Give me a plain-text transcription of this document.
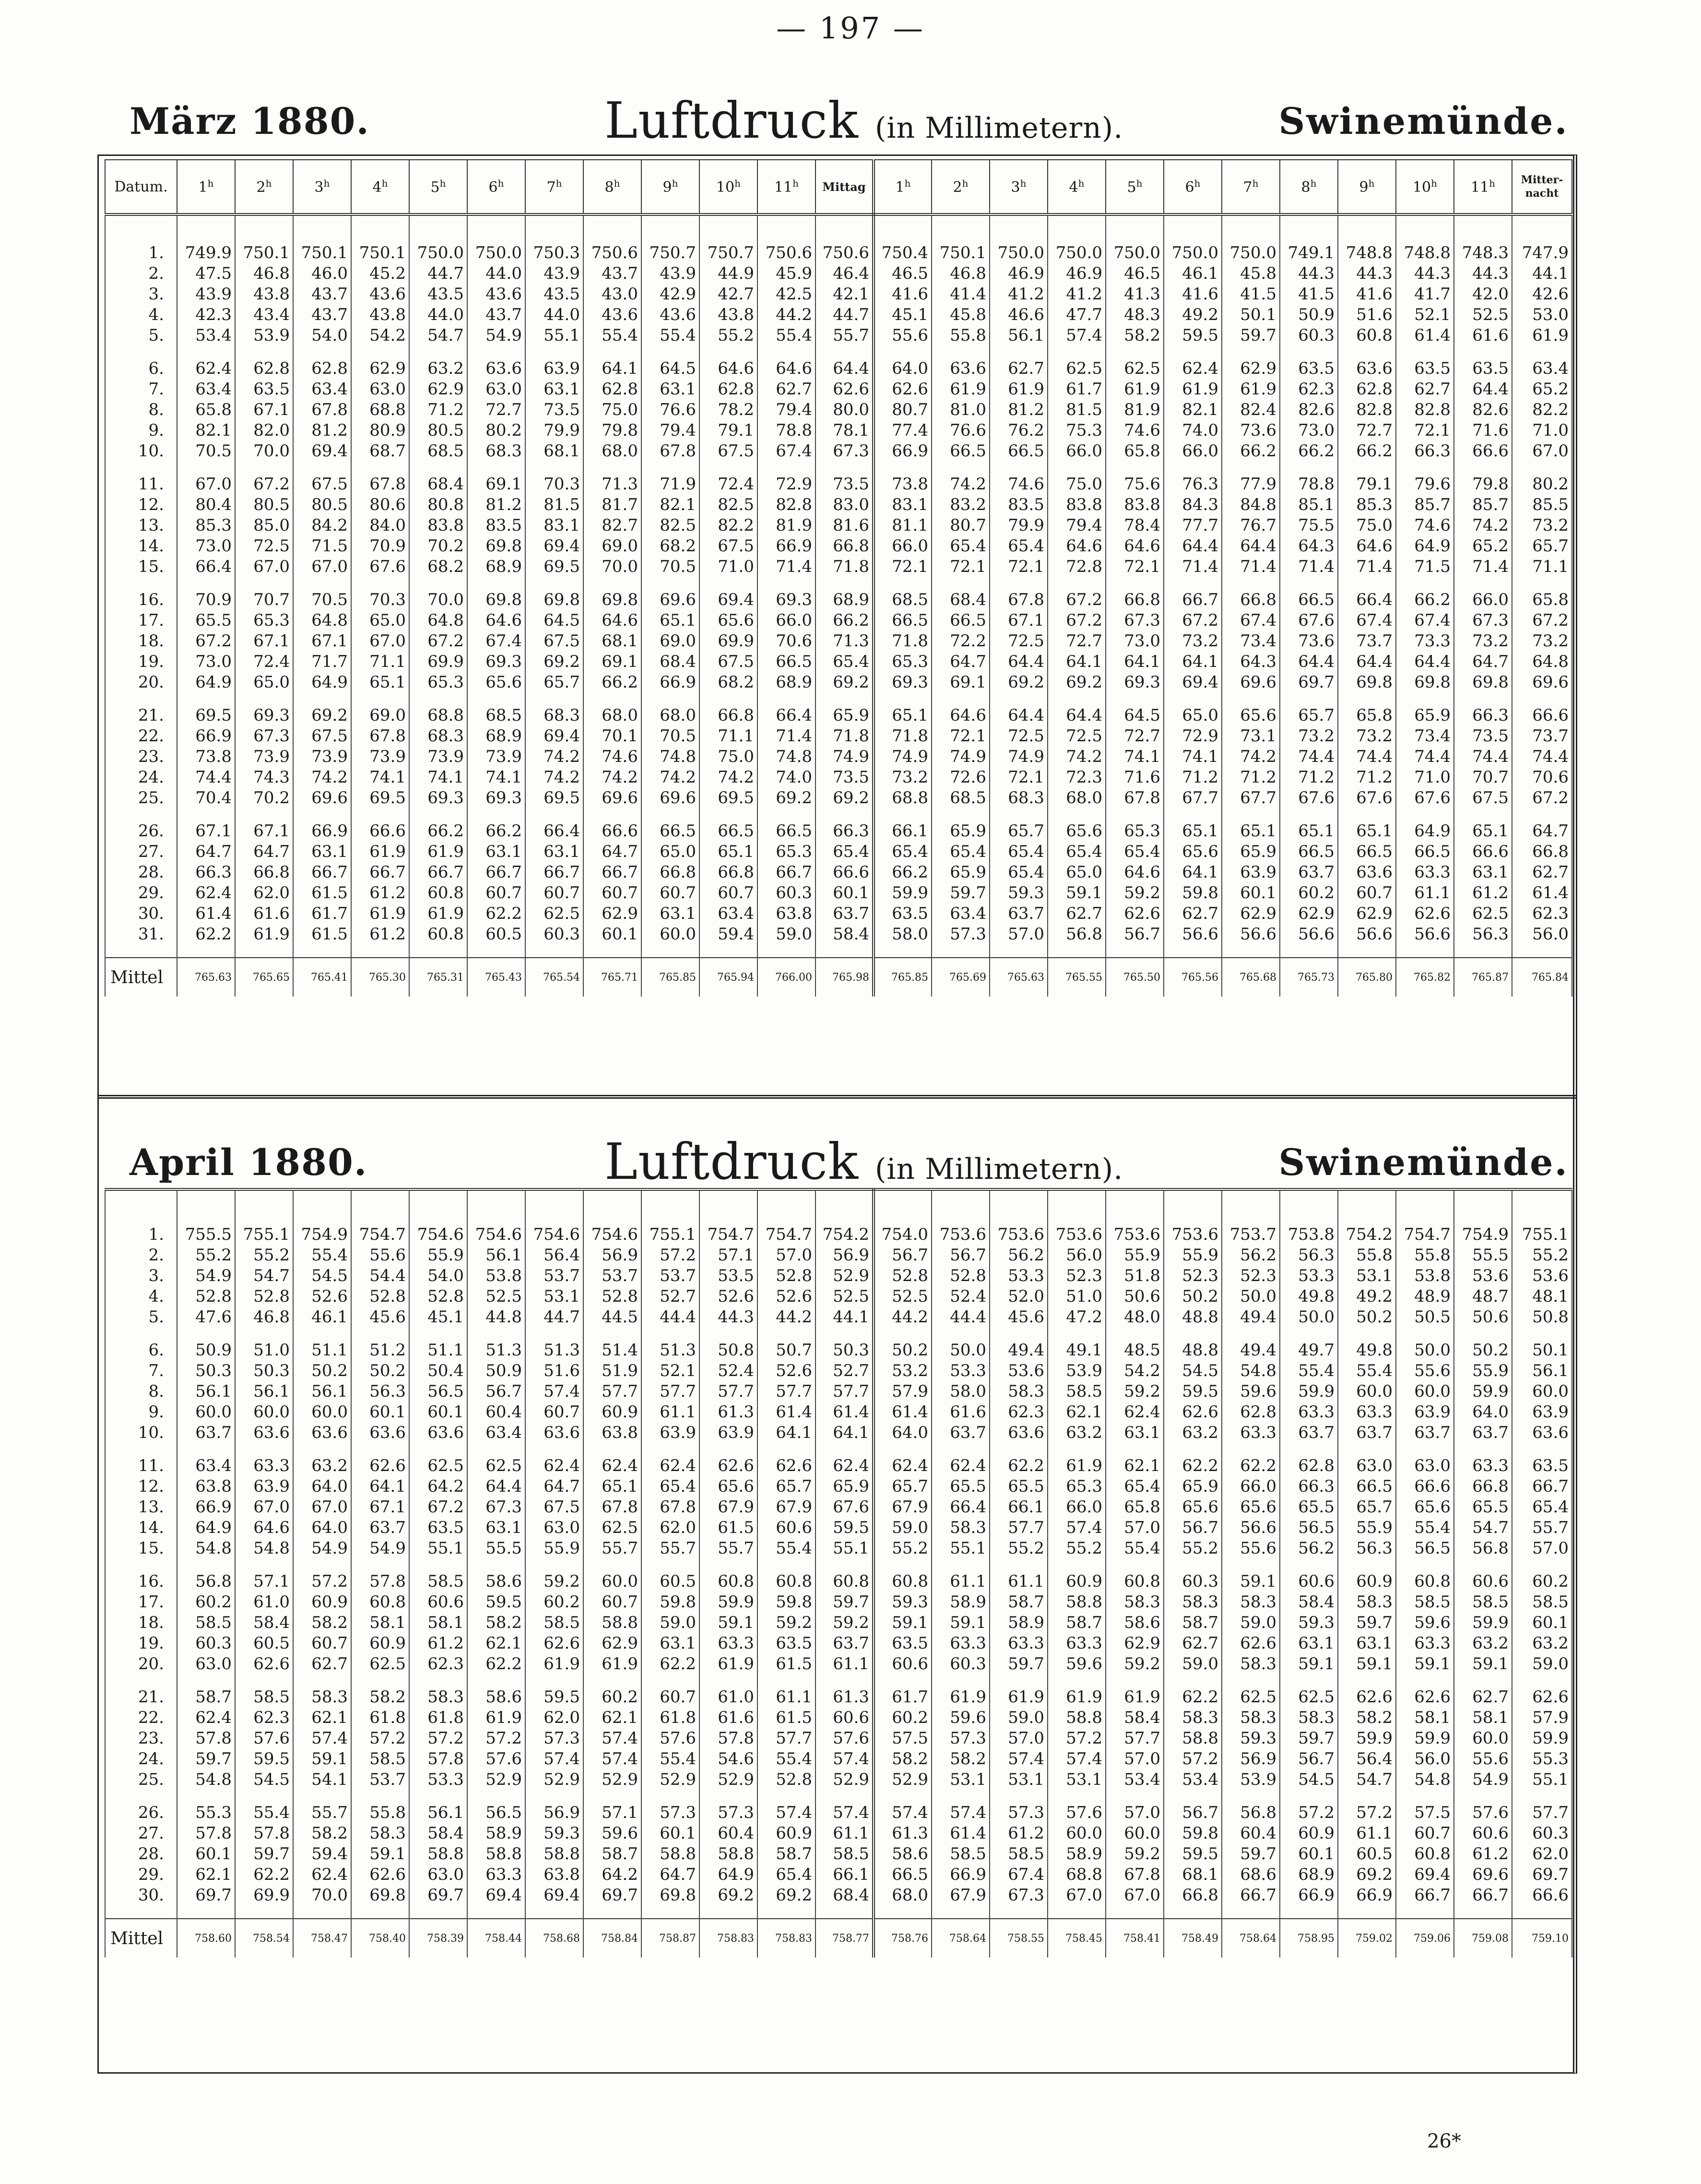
— 197 —
März 1880.	Luftdruck (in Millimetern).	Swinemünde.
Datum.	1$^h$	2$^h$	3$^h$	4$^h$	5$^h$	6$^h$	7$^h$	8$^h$	9$^h$	10$^h$	11$^h$	Mittag	1$^h$	2$^h$	3$^h$	4$^h$	5$^h$	6$^h$	7$^h$	8$^h$	9$^h$	10$^h$	11$^h$	Mitter-
nacht

1.	749.9	750.1	750.1	750.1	750.0	750.0	750.3	750.6	750.7	750.7	750.6	750.6	750.4	750.1	750.0	750.0	750.0	750.0	750.0	749.1	748.8	748.8	748.3	747.9
2.	47.5	46.8	46.0	45.2	44.7	44.0	43.9	43.7	43.9	44.9	45.9	46.4	46.5	46.8	46.9	46.9	46.5	46.1	45.8	44.3	44.3	44.3	44.3	44.1
3.	43.9	43.8	43.7	43.6	43.5	43.6	43.5	43.0	42.9	42.7	42.5	42.1	41.6	41.4	41.2	41.2	41.3	41.6	41.5	41.5	41.6	41.7	42.0	42.6
4.	42.3	43.4	43.7	43.8	44.0	43.7	44.0	43.6	43.6	43.8	44.2	44.7	45.1	45.8	46.6	47.7	48.3	49.2	50.1	50.9	51.6	52.1	52.5	53.0
5.	53.4	53.9	54.0	54.2	54.7	54.9	55.1	55.4	55.4	55.2	55.4	55.7	55.6	55.8	56.1	57.4	58.2	59.5	59.7	60.3	60.8	61.4	61.6	61.9

6.	62.4	62.8	62.8	62.9	63.2	63.6	63.9	64.1	64.5	64.6	64.6	64.4	64.0	63.6	62.7	62.5	62.5	62.4	62.9	63.5	63.6	63.5	63.5	63.4
7.	63.4	63.5	63.4	63.0	62.9	63.0	63.1	62.8	63.1	62.8	62.7	62.6	62.6	61.9	61.9	61.7	61.9	61.9	61.9	62.3	62.8	62.7	64.4	65.2
8.	65.8	67.1	67.8	68.8	71.2	72.7	73.5	75.0	76.6	78.2	79.4	80.0	80.7	81.0	81.2	81.5	81.9	82.1	82.4	82.6	82.8	82.8	82.6	82.2
9.	82.1	82.0	81.2	80.9	80.5	80.2	79.9	79.8	79.4	79.1	78.8	78.1	77.4	76.6	76.2	75.3	74.6	74.0	73.6	73.0	72.7	72.1	71.6	71.0
10.	70.5	70.0	69.4	68.7	68.5	68.3	68.1	68.0	67.8	67.5	67.4	67.3	66.9	66.5	66.5	66.0	65.8	66.0	66.2	66.2	66.2	66.3	66.6	67.0

11.	67.0	67.2	67.5	67.8	68.4	69.1	70.3	71.3	71.9	72.4	72.9	73.5	73.8	74.2	74.6	75.0	75.6	76.3	77.9	78.8	79.1	79.6	79.8	80.2
12.	80.4	80.5	80.5	80.6	80.8	81.2	81.5	81.7	82.1	82.5	82.8	83.0	83.1	83.2	83.5	83.8	83.8	84.3	84.8	85.1	85.3	85.7	85.7	85.5
13.	85.3	85.0	84.2	84.0	83.8	83.5	83.1	82.7	82.5	82.2	81.9	81.6	81.1	80.7	79.9	79.4	78.4	77.7	76.7	75.5	75.0	74.6	74.2	73.2
14.	73.0	72.5	71.5	70.9	70.2	69.8	69.4	69.0	68.2	67.5	66.9	66.8	66.0	65.4	65.4	64.6	64.6	64.4	64.4	64.3	64.6	64.9	65.2	65.7
15.	66.4	67.0	67.0	67.6	68.2	68.9	69.5	70.0	70.5	71.0	71.4	71.8	72.1	72.1	72.1	72.8	72.1	71.4	71.4	71.4	71.4	71.5	71.4	71.1

16.	70.9	70.7	70.5	70.3	70.0	69.8	69.8	69.8	69.6	69.4	69.3	68.9	68.5	68.4	67.8	67.2	66.8	66.7	66.8	66.5	66.4	66.2	66.0	65.8
17.	65.5	65.3	64.8	65.0	64.8	64.6	64.5	64.6	65.1	65.6	66.0	66.2	66.5	66.5	67.1	67.2	67.3	67.2	67.4	67.6	67.4	67.4	67.3	67.2
18.	67.2	67.1	67.1	67.0	67.2	67.4	67.5	68.1	69.0	69.9	70.6	71.3	71.8	72.2	72.5	72.7	73.0	73.2	73.4	73.6	73.7	73.3	73.2	73.2
19.	73.0	72.4	71.7	71.1	69.9	69.3	69.2	69.1	68.4	67.5	66.5	65.4	65.3	64.7	64.4	64.1	64.1	64.1	64.3	64.4	64.4	64.4	64.7	64.8
20.	64.9	65.0	64.9	65.1	65.3	65.6	65.7	66.2	66.9	68.2	68.9	69.2	69.3	69.1	69.2	69.2	69.3	69.4	69.6	69.7	69.8	69.8	69.8	69.6

21.	69.5	69.3	69.2	69.0	68.8	68.5	68.3	68.0	68.0	66.8	66.4	65.9	65.1	64.6	64.4	64.4	64.5	65.0	65.6	65.7	65.8	65.9	66.3	66.6
22.	66.9	67.3	67.5	67.8	68.3	68.9	69.4	70.1	70.5	71.1	71.4	71.8	71.8	72.1	72.5	72.5	72.7	72.9	73.1	73.2	73.2	73.4	73.5	73.7
23.	73.8	73.9	73.9	73.9	73.9	73.9	74.2	74.6	74.8	75.0	74.8	74.9	74.9	74.9	74.9	74.2	74.1	74.1	74.2	74.4	74.4	74.4	74.4	74.4
24.	74.4	74.3	74.2	74.1	74.1	74.1	74.2	74.2	74.2	74.2	74.0	73.5	73.2	72.6	72.1	72.3	71.6	71.2	71.2	71.2	71.2	71.0	70.7	70.6
25.	70.4	70.2	69.6	69.5	69.3	69.3	69.5	69.6	69.6	69.5	69.2	69.2	68.8	68.5	68.3	68.0	67.8	67.7	67.7	67.6	67.6	67.6	67.5	67.2

26.	67.1	67.1	66.9	66.6	66.2	66.2	66.4	66.6	66.5	66.5	66.5	66.3	66.1	65.9	65.7	65.6	65.3	65.1	65.1	65.1	65.1	64.9	65.1	64.7
27.	64.7	64.7	63.1	61.9	61.9	63.1	63.1	64.7	65.0	65.1	65.3	65.4	65.4	65.4	65.4	65.4	65.4	65.6	65.9	66.5	66.5	66.5	66.6	66.8
28.	66.3	66.8	66.7	66.7	66.7	66.7	66.7	66.7	66.8	66.8	66.7	66.6	66.2	65.9	65.4	65.0	64.6	64.1	63.9	63.7	63.6	63.3	63.1	62.7
29.	62.4	62.0	61.5	61.2	60.8	60.7	60.7	60.7	60.7	60.7	60.3	60.1	59.9	59.7	59.3	59.1	59.2	59.8	60.1	60.2	60.7	61.1	61.2	61.4
30.	61.4	61.6	61.7	61.9	61.9	62.2	62.5	62.9	63.1	63.4	63.8	63.7	63.5	63.4	63.7	62.7	62.6	62.7	62.9	62.9	62.9	62.6	62.5	62.3
31.	62.2	61.9	61.5	61.2	60.8	60.5	60.3	60.1	60.0	59.4	59.0	58.4	58.0	57.3	57.0	56.8	56.7	56.6	56.6	56.6	56.6	56.6	56.3	56.0

Mittel	765.63	765.65	765.41	765.30	765.31	765.43	765.54	765.71	765.85	765.94	766.00	765.98	765.85	765.69	765.63	765.55	765.50	765.56	765.68	765.73	765.80	765.82	765.87	765.84
April 1880.	Luftdruck (in Millimetern).	Swinemünde.

1.	755.5	755.1	754.9	754.7	754.6	754.6	754.6	754.6	755.1	754.7	754.7	754.2	754.0	753.6	753.6	753.6	753.6	753.6	753.7	753.8	754.2	754.7	754.9	755.1
2.	55.2	55.2	55.4	55.6	55.9	56.1	56.4	56.9	57.2	57.1	57.0	56.9	56.7	56.7	56.2	56.0	55.9	55.9	56.2	56.3	55.8	55.8	55.5	55.2
3.	54.9	54.7	54.5	54.4	54.0	53.8	53.7	53.7	53.7	53.5	52.8	52.9	52.8	52.8	53.3	52.3	51.8	52.3	52.3	53.3	53.1	53.8	53.6	53.6
4.	52.8	52.8	52.6	52.8	52.8	52.5	53.1	52.8	52.7	52.6	52.6	52.5	52.5	52.4	52.0	51.0	50.6	50.2	50.0	49.8	49.2	48.9	48.7	48.1
5.	47.6	46.8	46.1	45.6	45.1	44.8	44.7	44.5	44.4	44.3	44.2	44.1	44.2	44.4	45.6	47.2	48.0	48.8	49.4	50.0	50.2	50.5	50.6	50.8

6.	50.9	51.0	51.1	51.2	51.1	51.3	51.3	51.4	51.3	50.8	50.7	50.3	50.2	50.0	49.4	49.1	48.5	48.8	49.4	49.7	49.8	50.0	50.2	50.1
7.	50.3	50.3	50.2	50.2	50.4	50.9	51.6	51.9	52.1	52.4	52.6	52.7	53.2	53.3	53.6	53.9	54.2	54.5	54.8	55.4	55.4	55.6	55.9	56.1
8.	56.1	56.1	56.1	56.3	56.5	56.7	57.4	57.7	57.7	57.7	57.7	57.7	57.9	58.0	58.3	58.5	59.2	59.5	59.6	59.9	60.0	60.0	59.9	60.0
9.	60.0	60.0	60.0	60.1	60.1	60.4	60.7	60.9	61.1	61.3	61.4	61.4	61.4	61.6	62.3	62.1	62.4	62.6	62.8	63.3	63.3	63.9	64.0	63.9
10.	63.7	63.6	63.6	63.6	63.6	63.4	63.6	63.8	63.9	63.9	64.1	64.1	64.0	63.7	63.6	63.2	63.1	63.2	63.3	63.7	63.7	63.7	63.7	63.6

11.	63.4	63.3	63.2	62.6	62.5	62.5	62.4	62.4	62.4	62.6	62.6	62.4	62.4	62.4	62.2	61.9	62.1	62.2	62.2	62.8	63.0	63.0	63.3	63.5
12.	63.8	63.9	64.0	64.1	64.2	64.4	64.7	65.1	65.4	65.6	65.7	65.9	65.7	65.5	65.5	65.3	65.4	65.9	66.0	66.3	66.5	66.6	66.8	66.7
13.	66.9	67.0	67.0	67.1	67.2	67.3	67.5	67.8	67.8	67.9	67.9	67.6	67.9	66.4	66.1	66.0	65.8	65.6	65.6	65.5	65.7	65.6	65.5	65.4
14.	64.9	64.6	64.0	63.7	63.5	63.1	63.0	62.5	62.0	61.5	60.6	59.5	59.0	58.3	57.7	57.4	57.0	56.7	56.6	56.5	55.9	55.4	54.7	55.7
15.	54.8	54.8	54.9	54.9	55.1	55.5	55.9	55.7	55.7	55.7	55.4	55.1	55.2	55.1	55.2	55.2	55.4	55.2	55.6	56.2	56.3	56.5	56.8	57.0

16.	56.8	57.1	57.2	57.8	58.5	58.6	59.2	60.0	60.5	60.8	60.8	60.8	60.8	61.1	61.1	60.9	60.8	60.3	59.1	60.6	60.9	60.8	60.6	60.2
17.	60.2	61.0	60.9	60.8	60.6	59.5	60.2	60.7	59.8	59.9	59.8	59.7	59.3	58.9	58.7	58.8	58.3	58.3	58.3	58.4	58.3	58.5	58.5	58.5
18.	58.5	58.4	58.2	58.1	58.1	58.2	58.5	58.8	59.0	59.1	59.2	59.2	59.1	59.1	58.9	58.7	58.6	58.7	59.0	59.3	59.7	59.6	59.9	60.1
19.	60.3	60.5	60.7	60.9	61.2	62.1	62.6	62.9	63.1	63.3	63.5	63.7	63.5	63.3	63.3	63.3	62.9	62.7	62.6	63.1	63.1	63.3	63.2	63.2
20.	63.0	62.6	62.7	62.5	62.3	62.2	61.9	61.9	62.2	61.9	61.5	61.1	60.6	60.3	59.7	59.6	59.2	59.0	58.3	59.1	59.1	59.1	59.1	59.0

21.	58.7	58.5	58.3	58.2	58.3	58.6	59.5	60.2	60.7	61.0	61.1	61.3	61.7	61.9	61.9	61.9	61.9	62.2	62.5	62.5	62.6	62.6	62.7	62.6
22.	62.4	62.3	62.1	61.8	61.8	61.9	62.0	62.1	61.8	61.6	61.5	60.6	60.2	59.6	59.0	58.8	58.4	58.3	58.3	58.3	58.2	58.1	58.1	57.9
23.	57.8	57.6	57.4	57.2	57.2	57.2	57.3	57.4	57.6	57.8	57.7	57.6	57.5	57.3	57.0	57.2	57.7	58.8	59.3	59.7	59.9	59.9	60.0	59.9
24.	59.7	59.5	59.1	58.5	57.8	57.6	57.4	57.4	55.4	54.6	55.4	57.4	58.2	58.2	57.4	57.4	57.0	57.2	56.9	56.7	56.4	56.0	55.6	55.3
25.	54.8	54.5	54.1	53.7	53.3	52.9	52.9	52.9	52.9	52.9	52.8	52.9	52.9	53.1	53.1	53.1	53.4	53.4	53.9	54.5	54.7	54.8	54.9	55.1

26.	55.3	55.4	55.7	55.8	56.1	56.5	56.9	57.1	57.3	57.3	57.4	57.4	57.4	57.4	57.3	57.6	57.0	56.7	56.8	57.2	57.2	57.5	57.6	57.7
27.	57.8	57.8	58.2	58.3	58.4	58.9	59.3	59.6	60.1	60.4	60.9	61.1	61.3	61.4	61.2	60.0	60.0	59.8	60.4	60.9	61.1	60.7	60.6	60.3
28.	60.1	59.7	59.4	59.1	58.8	58.8	58.8	58.7	58.8	58.8	58.7	58.5	58.6	58.5	58.5	58.9	59.2	59.5	59.7	60.1	60.5	60.8	61.2	62.0
29.	62.1	62.2	62.4	62.6	63.0	63.3	63.8	64.2	64.7	64.9	65.4	66.1	66.5	66.9	67.4	68.8	67.8	68.1	68.6	68.9	69.2	69.4	69.6	69.7
30.	69.7	69.9	70.0	69.8	69.7	69.4	69.4	69.7	69.8	69.2	69.2	68.4	68.0	67.9	67.3	67.0	67.0	66.8	66.7	66.9	66.9	66.7	66.7	66.6

Mittel	758.60	758.54	758.47	758.40	758.39	758.44	758.68	758.84	758.87	758.83	758.83	758.77	758.76	758.64	758.55	758.45	758.41	758.49	758.64	758.95	759.02	759.06	759.08	759.10
26*
